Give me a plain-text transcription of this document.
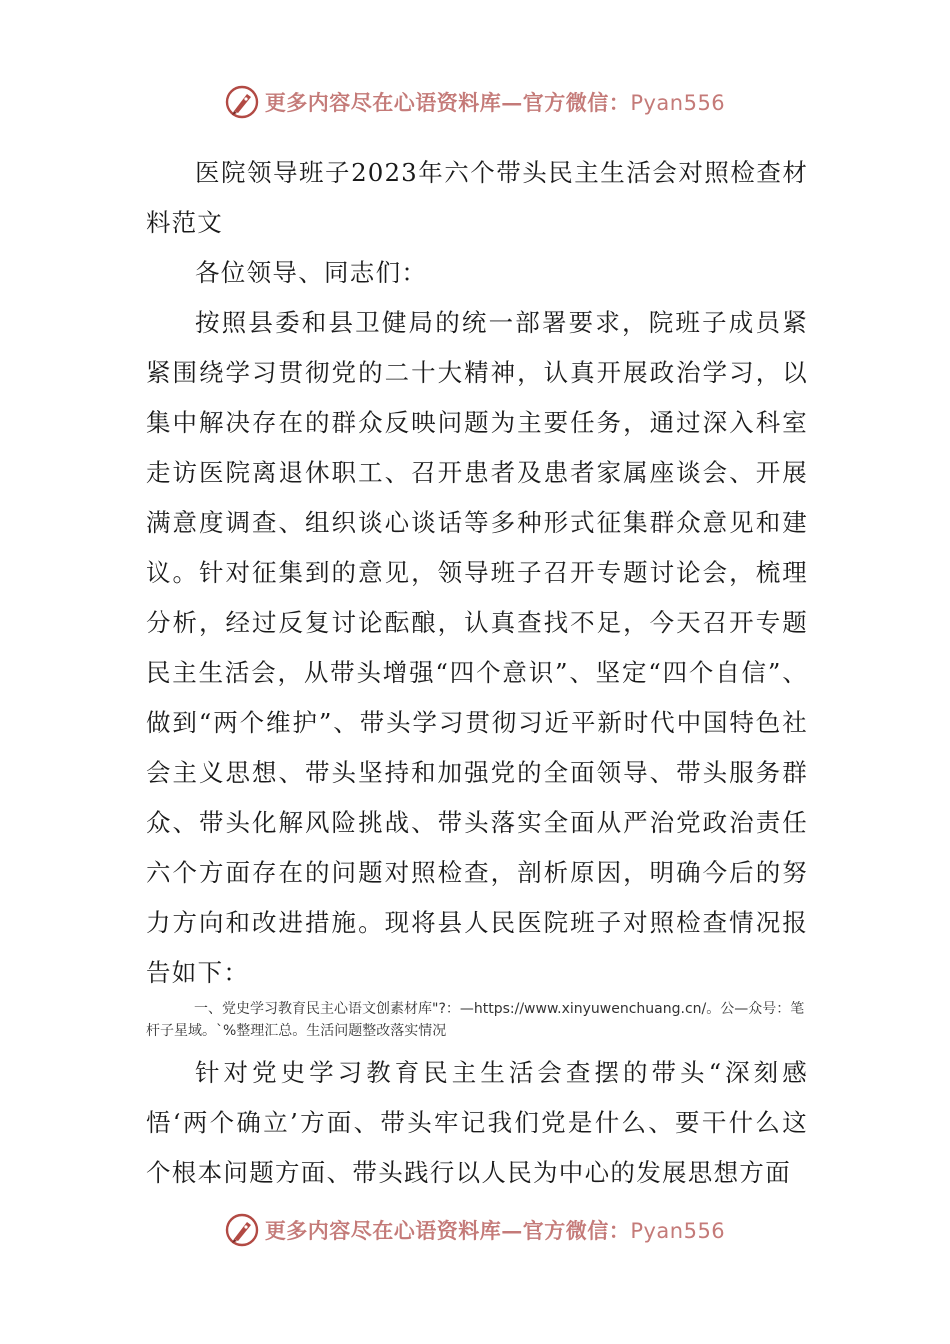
更多内容尽在心语资料库—官方微信：Pyan556

医院领导班子2023年六个带头民主生活会对照检查材料范文

各位领导、同志们：

按照县委和县卫健局的统一部署要求，院班子成员紧紧围绕学习贯彻党的二十大精神，认真开展政治学习，以集中解决存在的群众反映问题为主要任务，通过深入科室走访医院离退休职工、召开患者及患者家属座谈会、开展满意度调查、组织谈心谈话等多种形式征集群众意见和建议。针对征集到的意见，领导班子召开专题讨论会，梳理分析，经过反复讨论酝酿，认真查找不足，今天召开专题民主生活会，从带头增强“四个意识”、坚定“四个自信”、做到“两个维护”、带头学习贯彻习近平新时代中国特色社会主义思想、带头坚持和加强党的全面领导、带头服务群众、带头化解风险挑战、带头落实全面从严治党政治责任六个方面存在的问题对照检查，剖析原因，明确今后的努力方向和改进措施。现将县人民医院班子对照检查情况报告如下：

一、党史学习教育民主心语文创素材库"?：—https://www.xinyuwenchuang.cn/。公—众号：笔杆子星域。`%整理汇总。生活问题整改落实情况

针对党史学习教育民主生活会查摆的带头“深刻感悟‘两个确立’方面、带头牢记我们党是什么、要干什么这个根本问题方面、带头践行以人民为中心的发展思想方面

更多内容尽在心语资料库—官方微信：Pyan556
